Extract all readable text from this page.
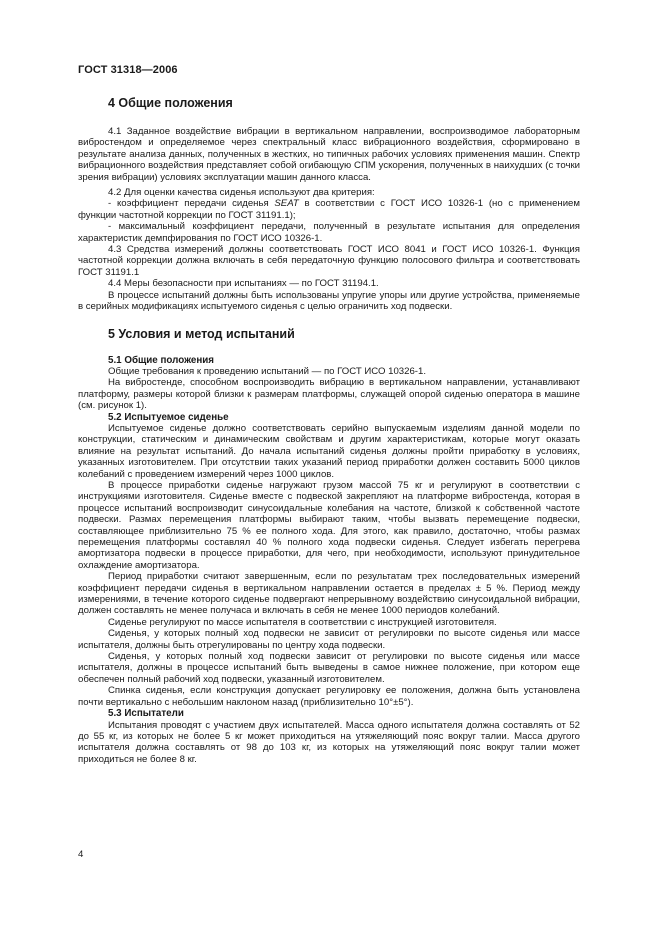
ГОСТ 31318—2006
4 Общие положения

4.1 Заданное воздействие вибрации в вертикальном направлении, воспроизводимое лабораторным вибростендом и определяемое через спектральный класс вибрационного воздействия, сформировано в результате анализа данных, полученных в жестких, но типичных рабочих условиях применения машин. Спектр вибрационного воздействия представляет собой огибающую СПМ ускорения, полученных в наихудших (с точки зрения вибрации) условиях эксплуатации машин данного класса.

4.2 Для оценки качества сиденья используют два критерия:

- коэффициент передачи сиденья SEAT в соответствии с ГОСТ ИСО 10326-1 (но с применением функции частотной коррекции по ГОСТ 31191.1);

- максимальный коэффициент передачи, полученный в результате испытания для определения характеристик демпфирования по ГОСТ ИСО 10326-1.

4.3 Средства измерений должны соответствовать ГОСТ ИСО 8041 и ГОСТ ИСО 10326-1. Функция частотной коррекции должна включать в себя передаточную функцию полосового фильтра и соответствовать ГОСТ 31191.1

4.4 Меры безопасности при испытаниях — по ГОСТ 31194.1.

В процессе испытаний должны быть использованы упругие упоры или другие устройства, применяемые в серийных модификациях испытуемого сиденья с целью ограничить ход подвески.

5 Условия и метод испытаний
5.1 Общие положения

Общие требования к проведению испытаний — по ГОСТ ИСО 10326-1.

На вибростенде, способном воспроизводить вибрацию в вертикальном направлении, устанавливают платформу, размеры которой близки к размерам платформы, служащей опорой сиденью оператора в машине (см. рисунок 1).

5.2 Испытуемое сиденье

Испытуемое сиденье должно соответствовать серийно выпускаемым изделиям данной модели по конструкции, статическим и динамическим свойствам и другим характеристикам, которые могут оказать влияние на результат испытаний. До начала испытаний сиденья должны пройти приработку в условиях, указанных изготовителем. При отсутствии таких указаний период приработки должен составить 5000 циклов колебаний с проведением измерений через 1000 циклов.

В процессе приработки сиденье нагружают грузом массой 75 кг и регулируют в соответствии с инструкциями изготовителя. Сиденье вместе с подвеской закрепляют на платформе вибростенда, которая в процессе испытаний воспроизводит синусоидальные колебания на частоте, близкой к собственной частоте подвески. Размах перемещения платформы выбирают таким, чтобы вызвать перемещение подвески, составляющее приблизительно 75 % ее полного хода. Для этого, как правило, достаточно, чтобы размах перемещения платформы составлял 40 % полного хода подвески сиденья. Следует избегать перегрева амортизатора подвески в процессе приработки, для чего, при необходимости, используют принудительное охлаждение амортизатора.

Период приработки считают завершенным, если по результатам трех последовательных измерений коэффициент передачи сиденья в вертикальном направлении остается в пределах ± 5 %. Период между измерениями, в течение которого сиденье подвергают непрерывному воздействию синусоидальной вибрации, должен составлять не менее получаса и включать в себя не менее 1000 периодов колебаний.

Сиденье регулируют по массе испытателя в соответствии с инструкцией изготовителя.

Сиденья, у которых полный ход подвески не зависит от регулировки по высоте сиденья или массе испытателя, должны быть отрегулированы по центру хода подвески.

Сиденья, у которых полный ход подвески зависит от регулировки по высоте сиденья или массе испытателя, должны в процессе испытаний быть выведены в самое нижнее положение, при котором еще обеспечен полный рабочий ход подвески, указанный изготовителем.

Спинка сиденья, если конструкция допускает регулировку ее положения, должна быть установлена почти вертикально с небольшим наклоном назад (приблизительно 10°±5°).

5.3 Испытатели

Испытания проводят с участием двух испытателей. Масса одного испытателя должна составлять от 52 до 55 кг, из которых не более 5 кг может приходиться на утяжеляющий пояс вокруг талии. Масса другого испытателя должна составлять от 98 до 103 кг, из которых на утяжеляющий пояс вокруг талии может приходиться не более 8 кг.

4
